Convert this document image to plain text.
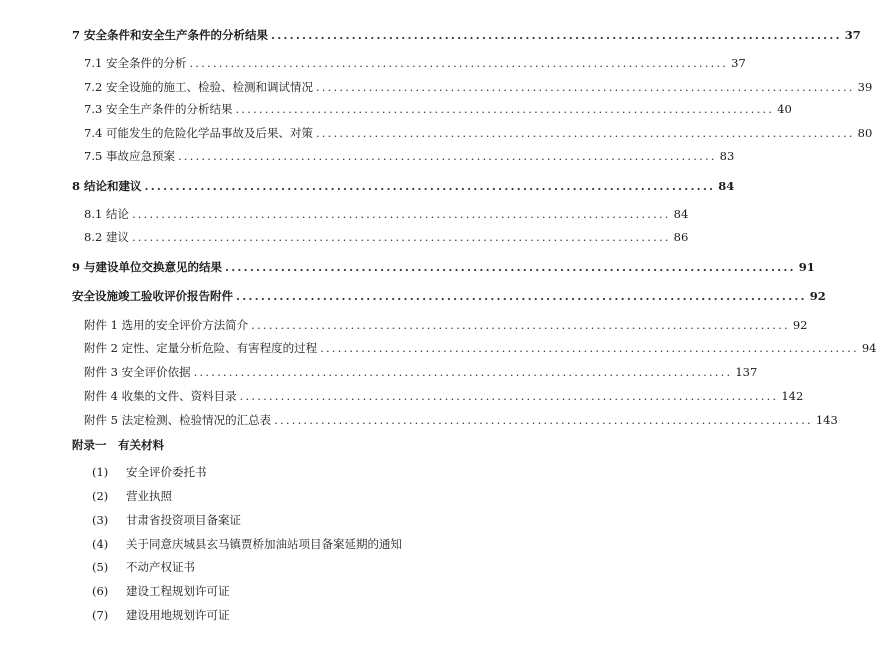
7 安全条件和安全生产条件的分析结果 ............................................................................................ 37
7.1 安全条件的分析 ............................................................................................ 37
7.2 安全设施的施工、检验、检测和调试情况 ............................................................................................ 39
7.3 安全生产条件的分析结果 ............................................................................................ 40
7.4 可能发生的危险化学品事故及后果、对策 ............................................................................................ 80
7.5 事故应急预案 ............................................................................................ 83
8 结论和建议 ............................................................................................ 84
8.1 结论 ............................................................................................ 84
8.2 建议 ............................................................................................ 86
9 与建设单位交换意见的结果 ............................................................................................ 91
安全设施竣工验收评价报告附件 ............................................................................................ 92
附件 1 选用的安全评价方法简介 ............................................................................................ 92
附件 2 定性、定量分析危险、有害程度的过程 ............................................................................................ 94
附件 3 安全评价依据 ............................................................................................ 137
附件 4 收集的文件、资料目录 ............................................................................................ 142
附件 5 法定检测、检验情况的汇总表 ............................................................................................ 143
附录一　有关材料
(1) 安全评价委托书
(2) 营业执照
(3) 甘肃省投资项目备案证
(4) 关于同意庆城县玄马镇贾桥加油站项目备案延期的通知
(5) 不动产权证书
(6) 建设工程规划许可证
(7) 建设用地规划许可证
